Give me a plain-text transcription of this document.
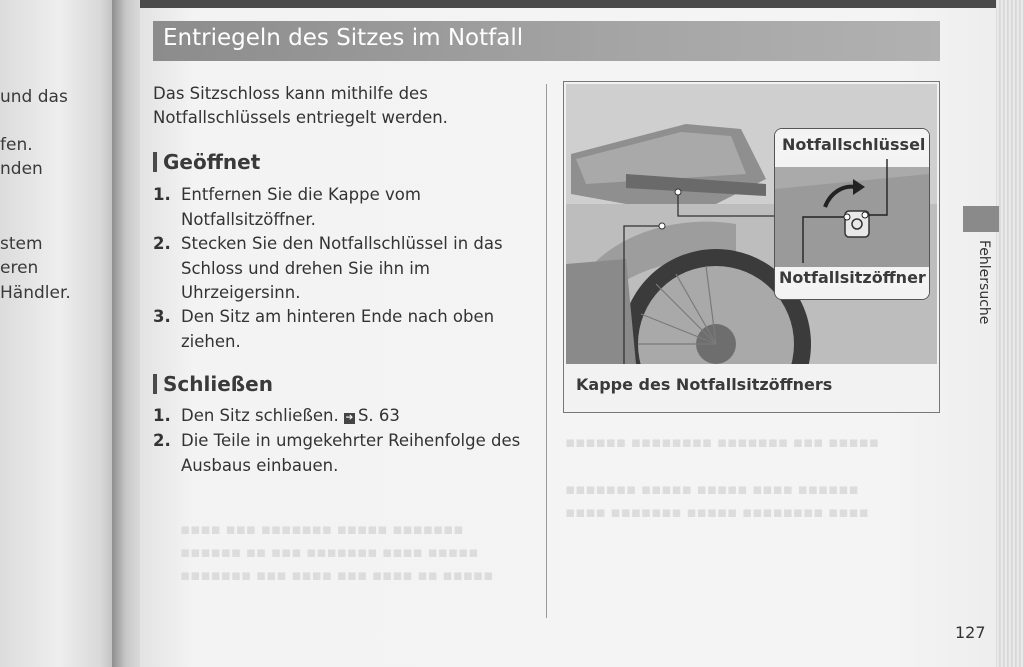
und das
fen.
nden
stem
eren
Händler.
▪▪▪▪ ▪▪▪ ▪▪▪▪▪▪▪ ▪▪▪▪▪ ▪▪▪▪▪▪▪
▪▪▪▪▪▪ ▪▪ ▪▪▪ ▪▪▪▪▪▪▪ ▪▪▪▪ ▪▪▪▪▪
▪▪▪▪▪▪▪ ▪▪▪ ▪▪▪▪ ▪▪▪ ▪▪▪▪ ▪▪ ▪▪▪▪▪
▪▪▪▪▪▪ ▪▪▪▪▪▪▪▪ ▪▪▪▪▪▪▪ ▪▪▪ ▪▪▪▪▪
▪▪▪▪▪▪▪ ▪▪▪▪▪ ▪▪▪▪▪ ▪▪▪▪ ▪▪▪▪▪▪
▪▪▪▪ ▪▪▪▪▪▪▪ ▪▪▪▪▪ ▪▪▪▪▪▪▪▪ ▪▪▪▪
Entriegeln des Sitzes im Notfall
Das Sitzschloss kann mithilfe des
Notfallschlüssels entriegelt werden.
Geöffnet
1. Entfernen Sie die Kappe vom
Notfallsitzöffner.
2. Stecken Sie den Notfallschlüssel in das
Schloss und drehen Sie ihn im
Uhrzeigersinn.
3. Den Sitz am hinteren Ende nach oben
ziehen.
Schließen
1. Den Sitz schließen. ➔ S. 63
2. Die Teile in umgekehrter Reihenfolge des
Ausbaus einbauen.
Notfallschlüssel
Notfallsitzöffner
Kappe des Notfallsitzöffners
Fehlersuche
127
